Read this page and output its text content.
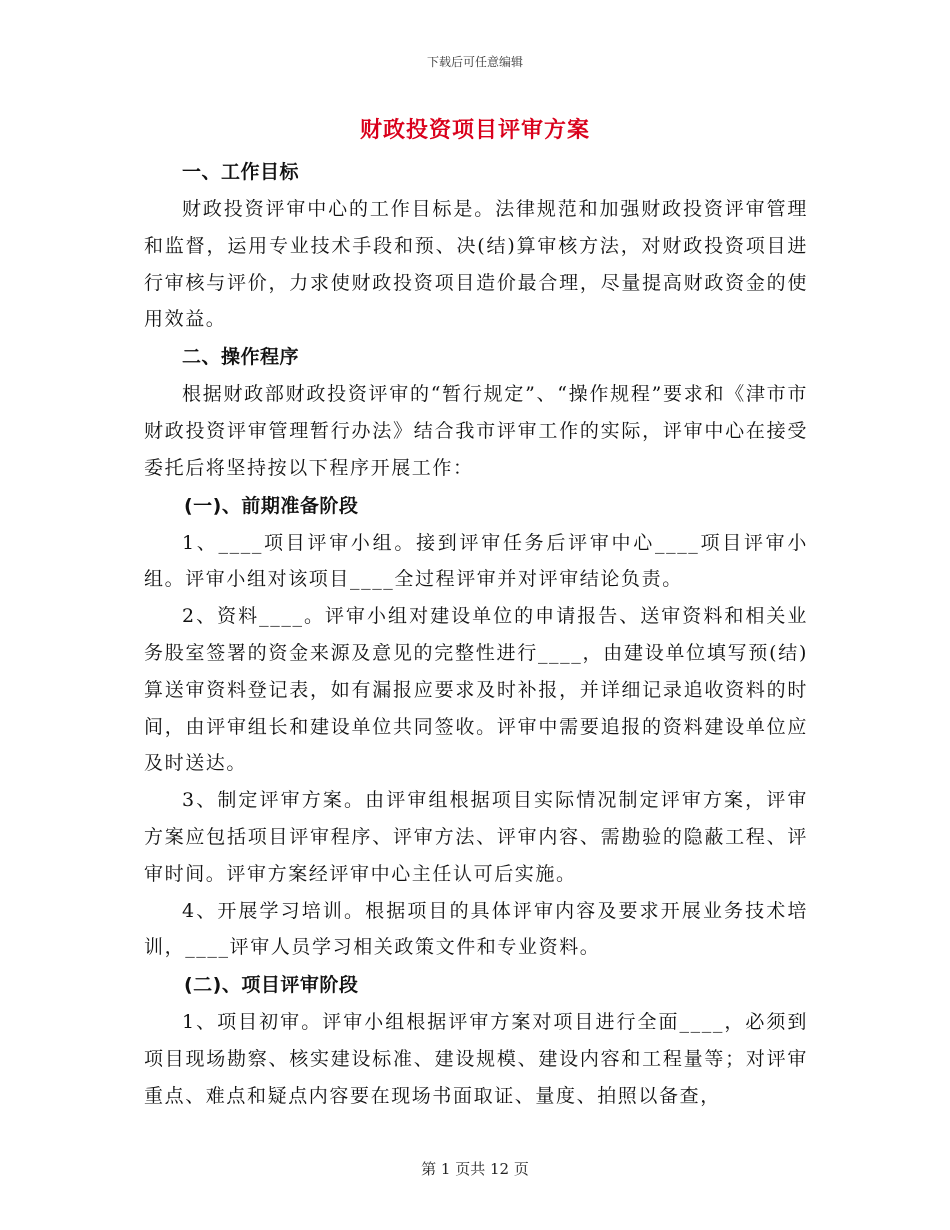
下载后可任意编辑
财政投资项目评审方案
一、工作目标
财政投资评审中心的工作目标是。法律规范和加强财政投资评审管理和监督，运用专业技术手段和预、决(结)算审核方法，对财政投资项目进行审核与评价，力求使财政投资项目造价最合理，尽量提高财政资金的使用效益。
二、操作程序
根据财政部财政投资评审的“暂行规定”、“操作规程”要求和《津市市财政投资评审管理暂行办法》结合我市评审工作的实际，评审中心在接受委托后将坚持按以下程序开展工作：
(一)、前期准备阶段
1、____项目评审小组。接到评审任务后评审中心____项目评审小组。评审小组对该项目____全过程评审并对评审结论负责。
2、资料____。评审小组对建设单位的申请报告、送审资料和相关业务股室签署的资金来源及意见的完整性进行____，由建设单位填写预(结)算送审资料登记表，如有漏报应要求及时补报，并详细记录追收资料的时间，由评审组长和建设单位共同签收。评审中需要追报的资料建设单位应及时送达。
3、制定评审方案。由评审组根据项目实际情况制定评审方案，评审方案应包括项目评审程序、评审方法、评审内容、需勘验的隐蔽工程、评审时间。评审方案经评审中心主任认可后实施。
4、开展学习培训。根据项目的具体评审内容及要求开展业务技术培训，____评审人员学习相关政策文件和专业资料。
(二)、项目评审阶段
1、项目初审。评审小组根据评审方案对项目进行全面____，必须到项目现场勘察、核实建设标准、建设规模、建设内容和工程量等；对评审重点、难点和疑点内容要在现场书面取证、量度、拍照以备查，
第 1 页共 12 页
